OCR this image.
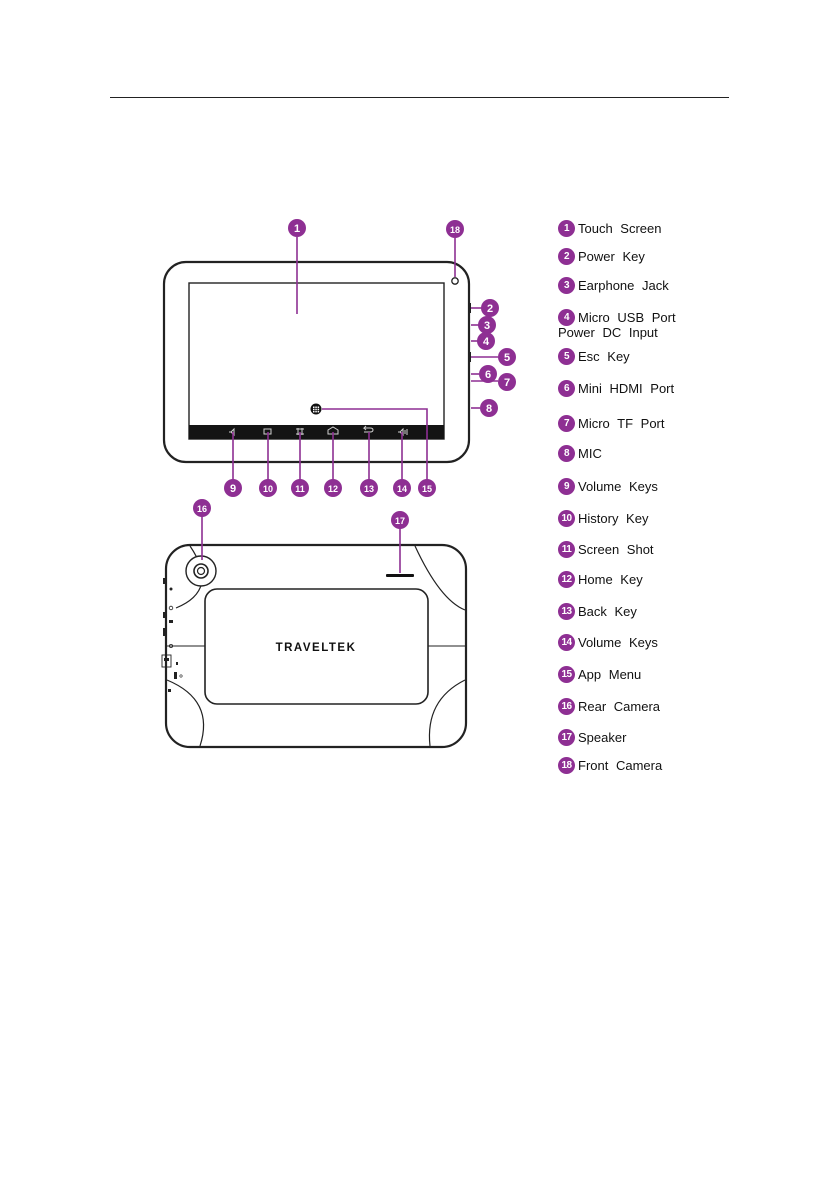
TRAVELTEK
1	18
2
3
4
5
6
7
8
9	10 11	12	13	14 15
16
17
1 Touch Screen
2 Power Key
3 Earphone Jack
4 Micro USB Port
Power DC Input
5 Esc Key
6 Mini HDMI Port
7 Micro TF Port
8 MIC
9 Volume Keys
10 History Key
11 Screen Shot
12 Home Key
13 Back Key
14 Volume Keys
15 App Menu
16 Rear Camera
17 Speaker
18 Front Camera
